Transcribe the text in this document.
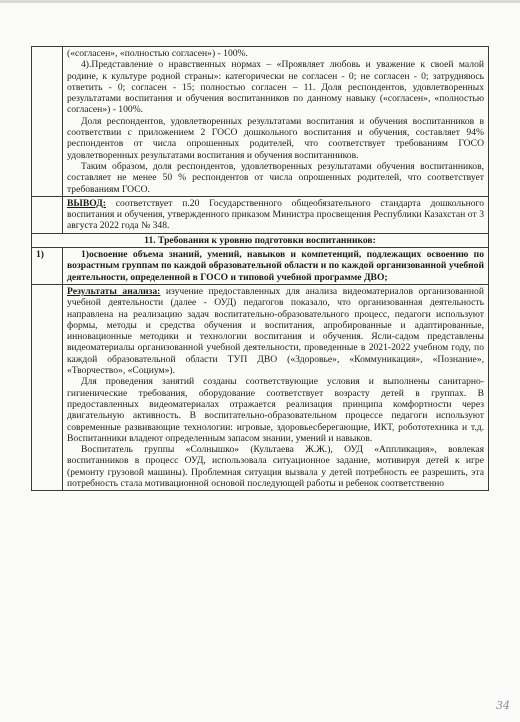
	(«согласен», «полностью согласен») - 100%.

4).Представление о нравственных нормах – «Проявляет любовь и уважение к своей малой родине, к культуре родной страны»: категорически не согласен - 0; не согласен - 0; затрудняюсь ответить - 0; согласен - 15; полностью согласен – 11. Доля респондентов, удовлетворенных результатами воспитания и обучения воспитанников по данному навыку («согласен», «полностью согласен») - 100%.

Доля респондентов, удовлетворенных результатами воспитания и обучения воспитанников в соответствии с приложением 2 ГОСО дошкольного воспитания и обучения, составляет 94% респондентов от числа опрошенных родителей, что соответствует требованиям ГОСО удовлетворенных результатами воспитания и обучения воспитанников.

Таким образом, доля респондентов, удовлетворенных результатами обучения воспитанников, составляет не менее 50 % респондентов от числа опрошенных родителей, что соответствует требованиям ГОСО.

	ВЫВОД: соответствует п.20 Государственного общеобязательного стандарта дошкольного воспитания и обучения, утвержденного приказом Министра просвещения Республики Казахстан от 3 августа 2022 года № 348.

11. Требования к уровню подготовки воспитанников:	
1)	1)освоение объема знаний, умений, навыков и компетенций, подлежащих освоению по возрастным группам по каждой образовательной области и по каждой организованной учебной деятельности, определенной в ГОСО и типовой учебной программе ДВО;

	Результаты анализа: изучение предоставленных для анализа видеоматериалов организованной учебной деятельности (далее - ОУД) педагогов показало, что организованная деятельность направлена на реализацию задач воспитательно-образовательного процесс, педагоги используют формы, методы и средства обучения и воспитания, апробированные и адаптированные, инновационные методики и технологии воспитания и обучения. Ясли-садом представлены видеоматериалы организованной учебной деятельности, проведенные в 2021-2022 учебном году, по каждой образовательной области ТУП ДВО («Здоровье», «Коммуникация», «Познание», «Творчество», «Социум»).

Для проведения занятий созданы соответствующие условия и выполнены санитарно-гигиенические требования, оборудование соответствует возрасту детей в группах. В предоставленных видеоматериалах отражается реализация принципа комфортности через двигательную активность. В воспитательно-образовательном процессе педагоги используют современные развивающие технологии: игровые, здоровьесберегающие, ИКТ, робототехника и т.д. Воспитанники владеют определенным запасом знании, умений и навыков.

Воспитатель группы «Солнышко» (Культаева Ж.Ж.), ОУД «Аппликация», вовлекая воспитанников в процесс ОУД, использовала ситуационное задание, мотивируя детей к игре (ремонту грузовой машины). Проблемная ситуация вызвала у детей потребность ее разрешить, эта потребность стала мотивационной основой последующей работы и ребенок соответственно

34
